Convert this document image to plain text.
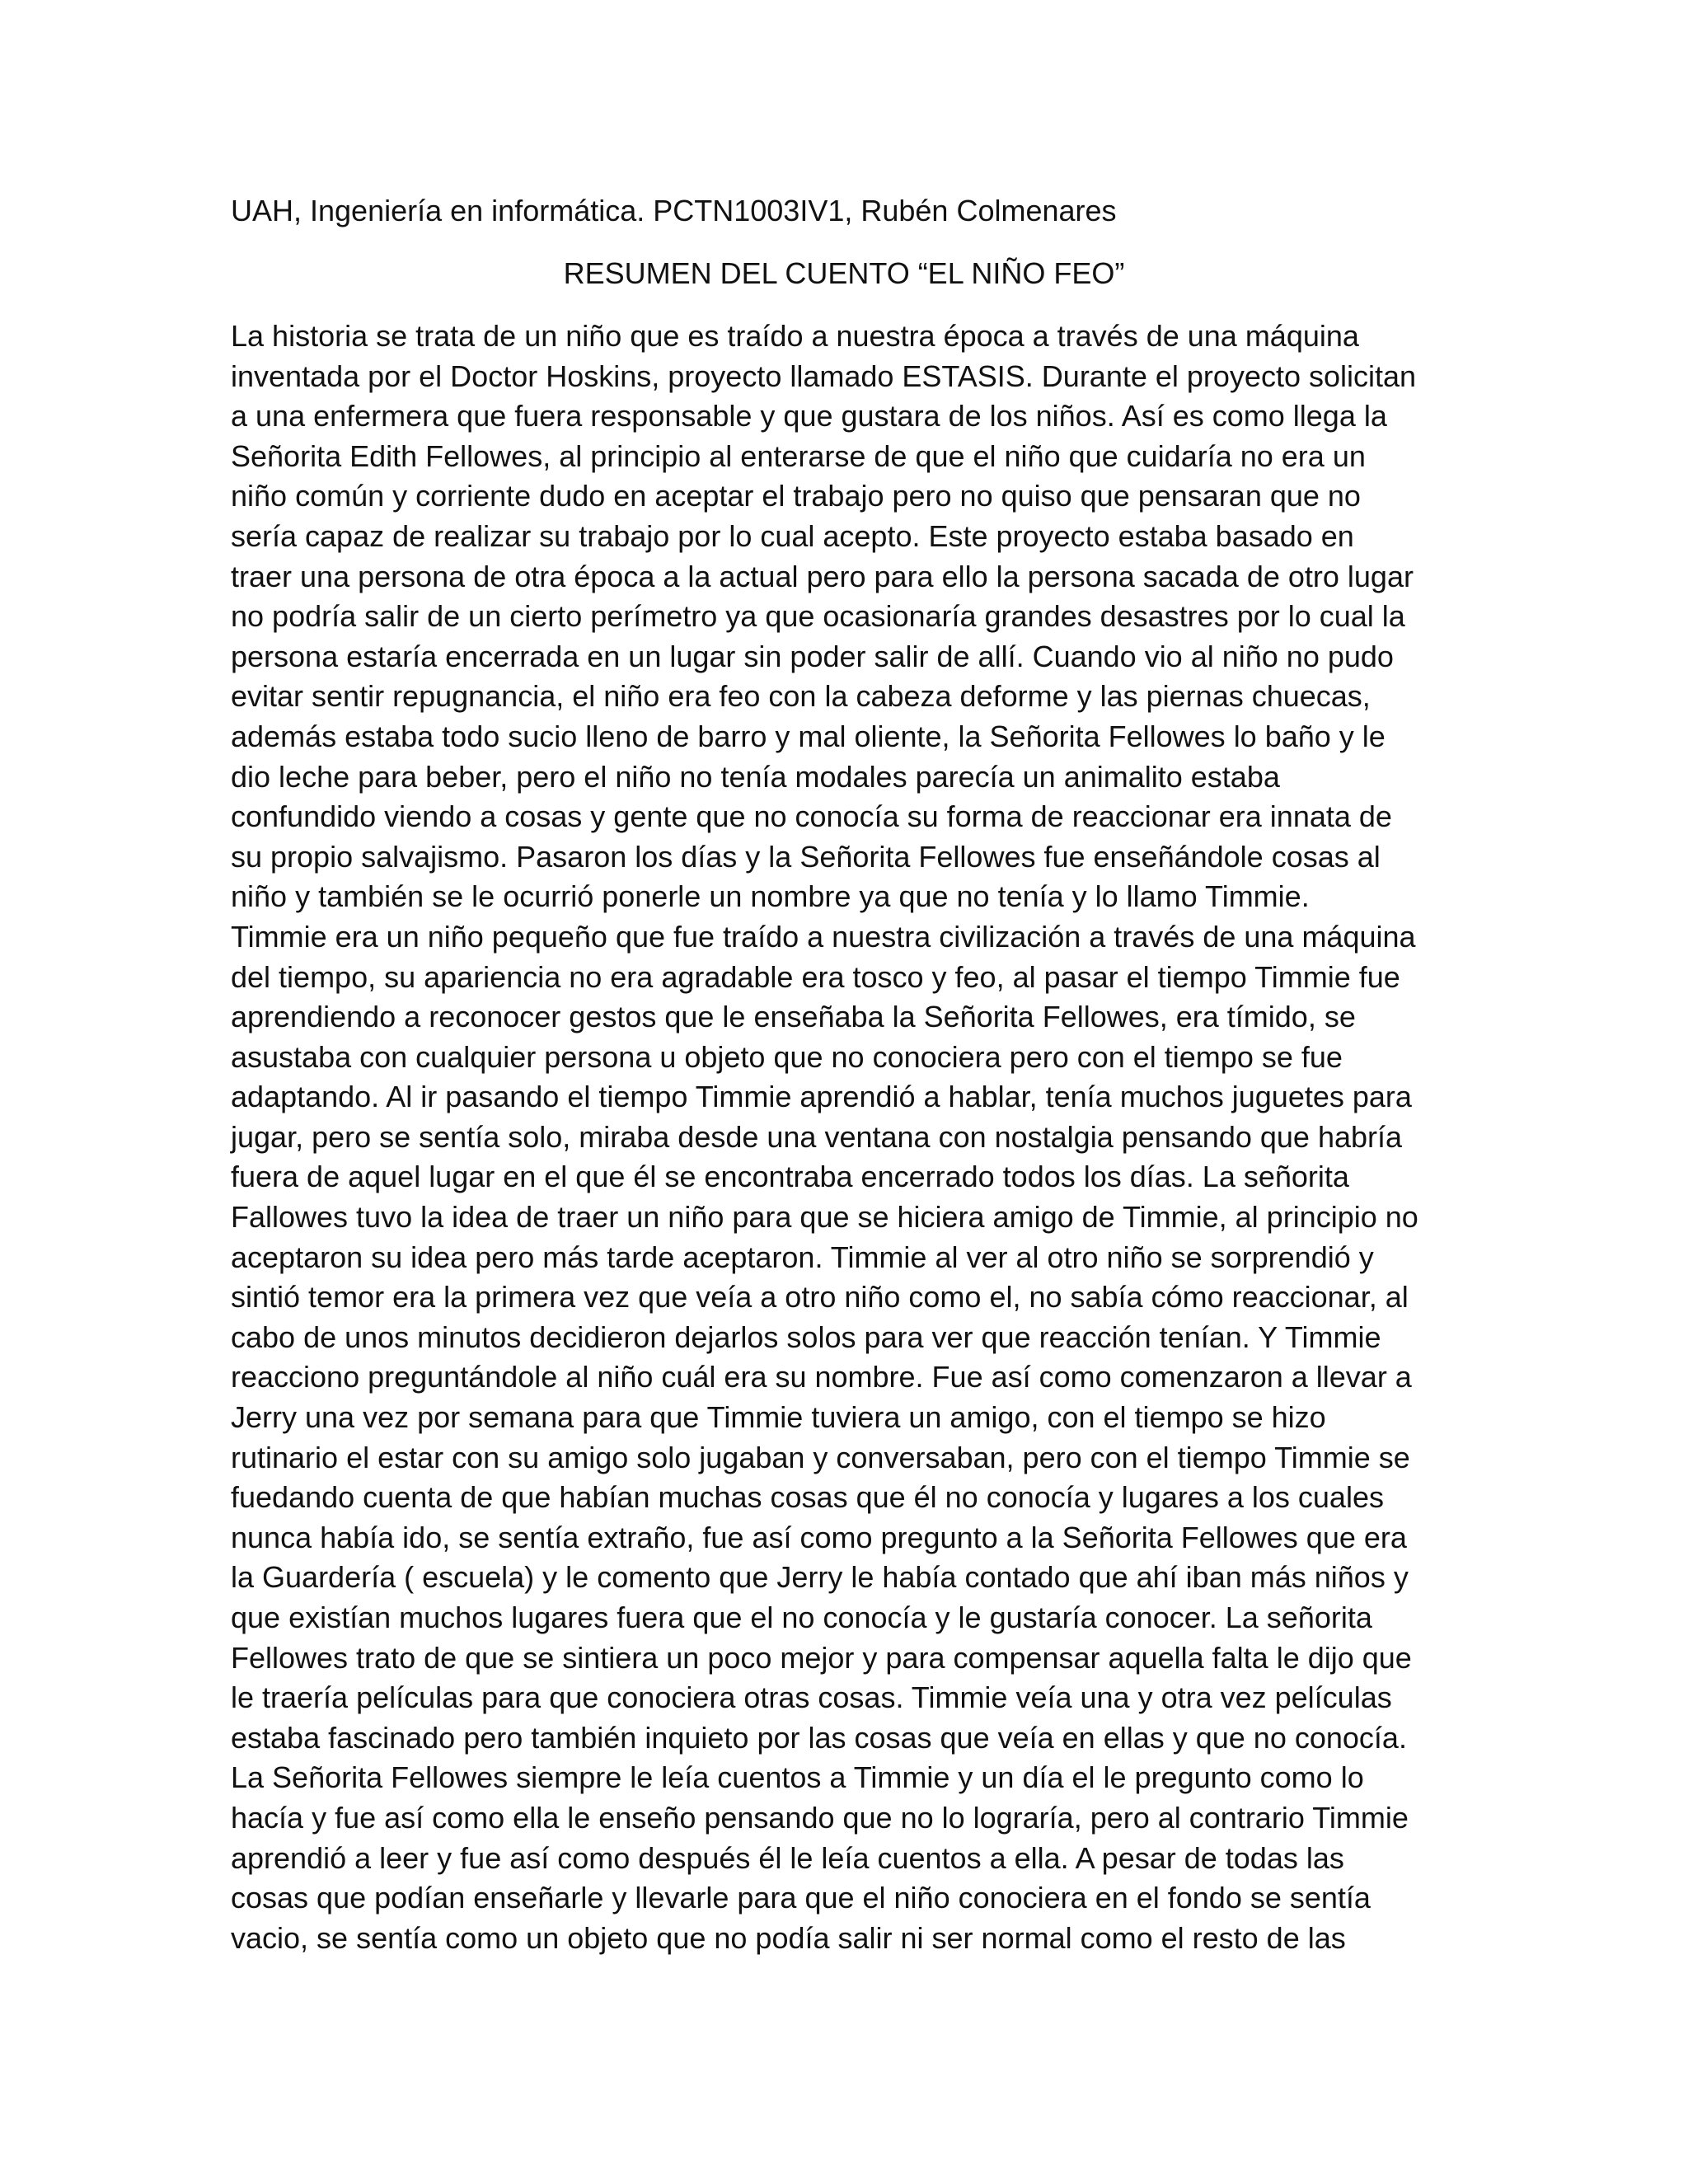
UAH, Ingeniería en informática. PCTN1003IV1, Rubén Colmenares
RESUMEN DEL CUENTO “EL NIÑO FEO”
La historia se trata de un niño que es traído a nuestra época a través de una máquina
inventada por el Doctor Hoskins, proyecto llamado ESTASIS. Durante el proyecto solicitan
a una enfermera que fuera responsable y que gustara de los niños. Así es como llega la
Señorita Edith Fellowes, al principio al enterarse de que el niño que cuidaría no era un
niño común y corriente dudo en aceptar el trabajo pero no quiso que pensaran que no
sería capaz de realizar su trabajo por lo cual acepto. Este proyecto estaba basado en
traer una persona de otra época a la actual pero para ello la persona sacada de otro lugar
no podría salir de un cierto perímetro ya que ocasionaría grandes desastres por lo cual la
persona estaría encerrada en un lugar sin poder salir de allí. Cuando vio al niño no pudo
evitar sentir repugnancia, el niño era feo con la cabeza deforme y las piernas chuecas,
además estaba todo sucio lleno de barro y mal oliente, la Señorita Fellowes lo baño y le
dio leche para beber, pero el niño no tenía modales parecía un animalito estaba
confundido viendo a cosas y gente que no conocía su forma de reaccionar era innata de
su propio salvajismo. Pasaron los días y la Señorita Fellowes fue enseñándole cosas al
niño y también se le ocurrió ponerle un nombre ya que no tenía y lo llamo Timmie.
Timmie era un niño pequeño que fue traído a nuestra civilización a través de una máquina
del tiempo, su apariencia no era agradable era tosco y feo, al pasar el tiempo Timmie fue
aprendiendo a reconocer gestos que le enseñaba la Señorita Fellowes, era tímido, se
asustaba con cualquier persona u objeto que no conociera pero con el tiempo se fue
adaptando. Al ir pasando el tiempo Timmie aprendió a hablar, tenía muchos juguetes para
jugar, pero se sentía solo, miraba desde una ventana con nostalgia pensando que habría
fuera de aquel lugar en el que él se encontraba encerrado todos los días. La señorita
Fallowes tuvo la idea de traer un niño para que se hiciera amigo de Timmie, al principio no
aceptaron su idea pero más tarde aceptaron. Timmie al ver al otro niño se sorprendió y
sintió temor era la primera vez que veía a otro niño como el, no sabía cómo reaccionar, al
cabo de unos minutos decidieron dejarlos solos para ver que reacción tenían. Y Timmie
reacciono preguntándole al niño cuál era su nombre. Fue así como comenzaron a llevar a
Jerry una vez por semana para que Timmie tuviera un amigo, con el tiempo se hizo
rutinario el estar con su amigo solo jugaban y conversaban, pero con el tiempo Timmie se
fuedando cuenta de que habían muchas cosas que él no conocía y lugares a los cuales
nunca había ido, se sentía extraño, fue así como pregunto a la Señorita Fellowes que era
la Guardería ( escuela) y le comento que Jerry le había contado que ahí iban más niños y
que existían muchos lugares fuera que el no conocía y le gustaría conocer. La señorita
Fellowes trato de que se sintiera un poco mejor y para compensar aquella falta le dijo que
le traería películas para que conociera otras cosas. Timmie veía una y otra vez películas
estaba fascinado pero también inquieto por las cosas que veía en ellas y que no conocía.
La Señorita Fellowes siempre le leía cuentos a Timmie y un día el le pregunto como lo
hacía y fue así como ella le enseño pensando que no lo lograría, pero al contrario Timmie
aprendió a leer y fue así como después él le leía cuentos a ella. A pesar de todas las
cosas que podían enseñarle y llevarle para que el niño conociera en el fondo se sentía
vacio, se sentía como un objeto que no podía salir ni ser normal como el resto de las
